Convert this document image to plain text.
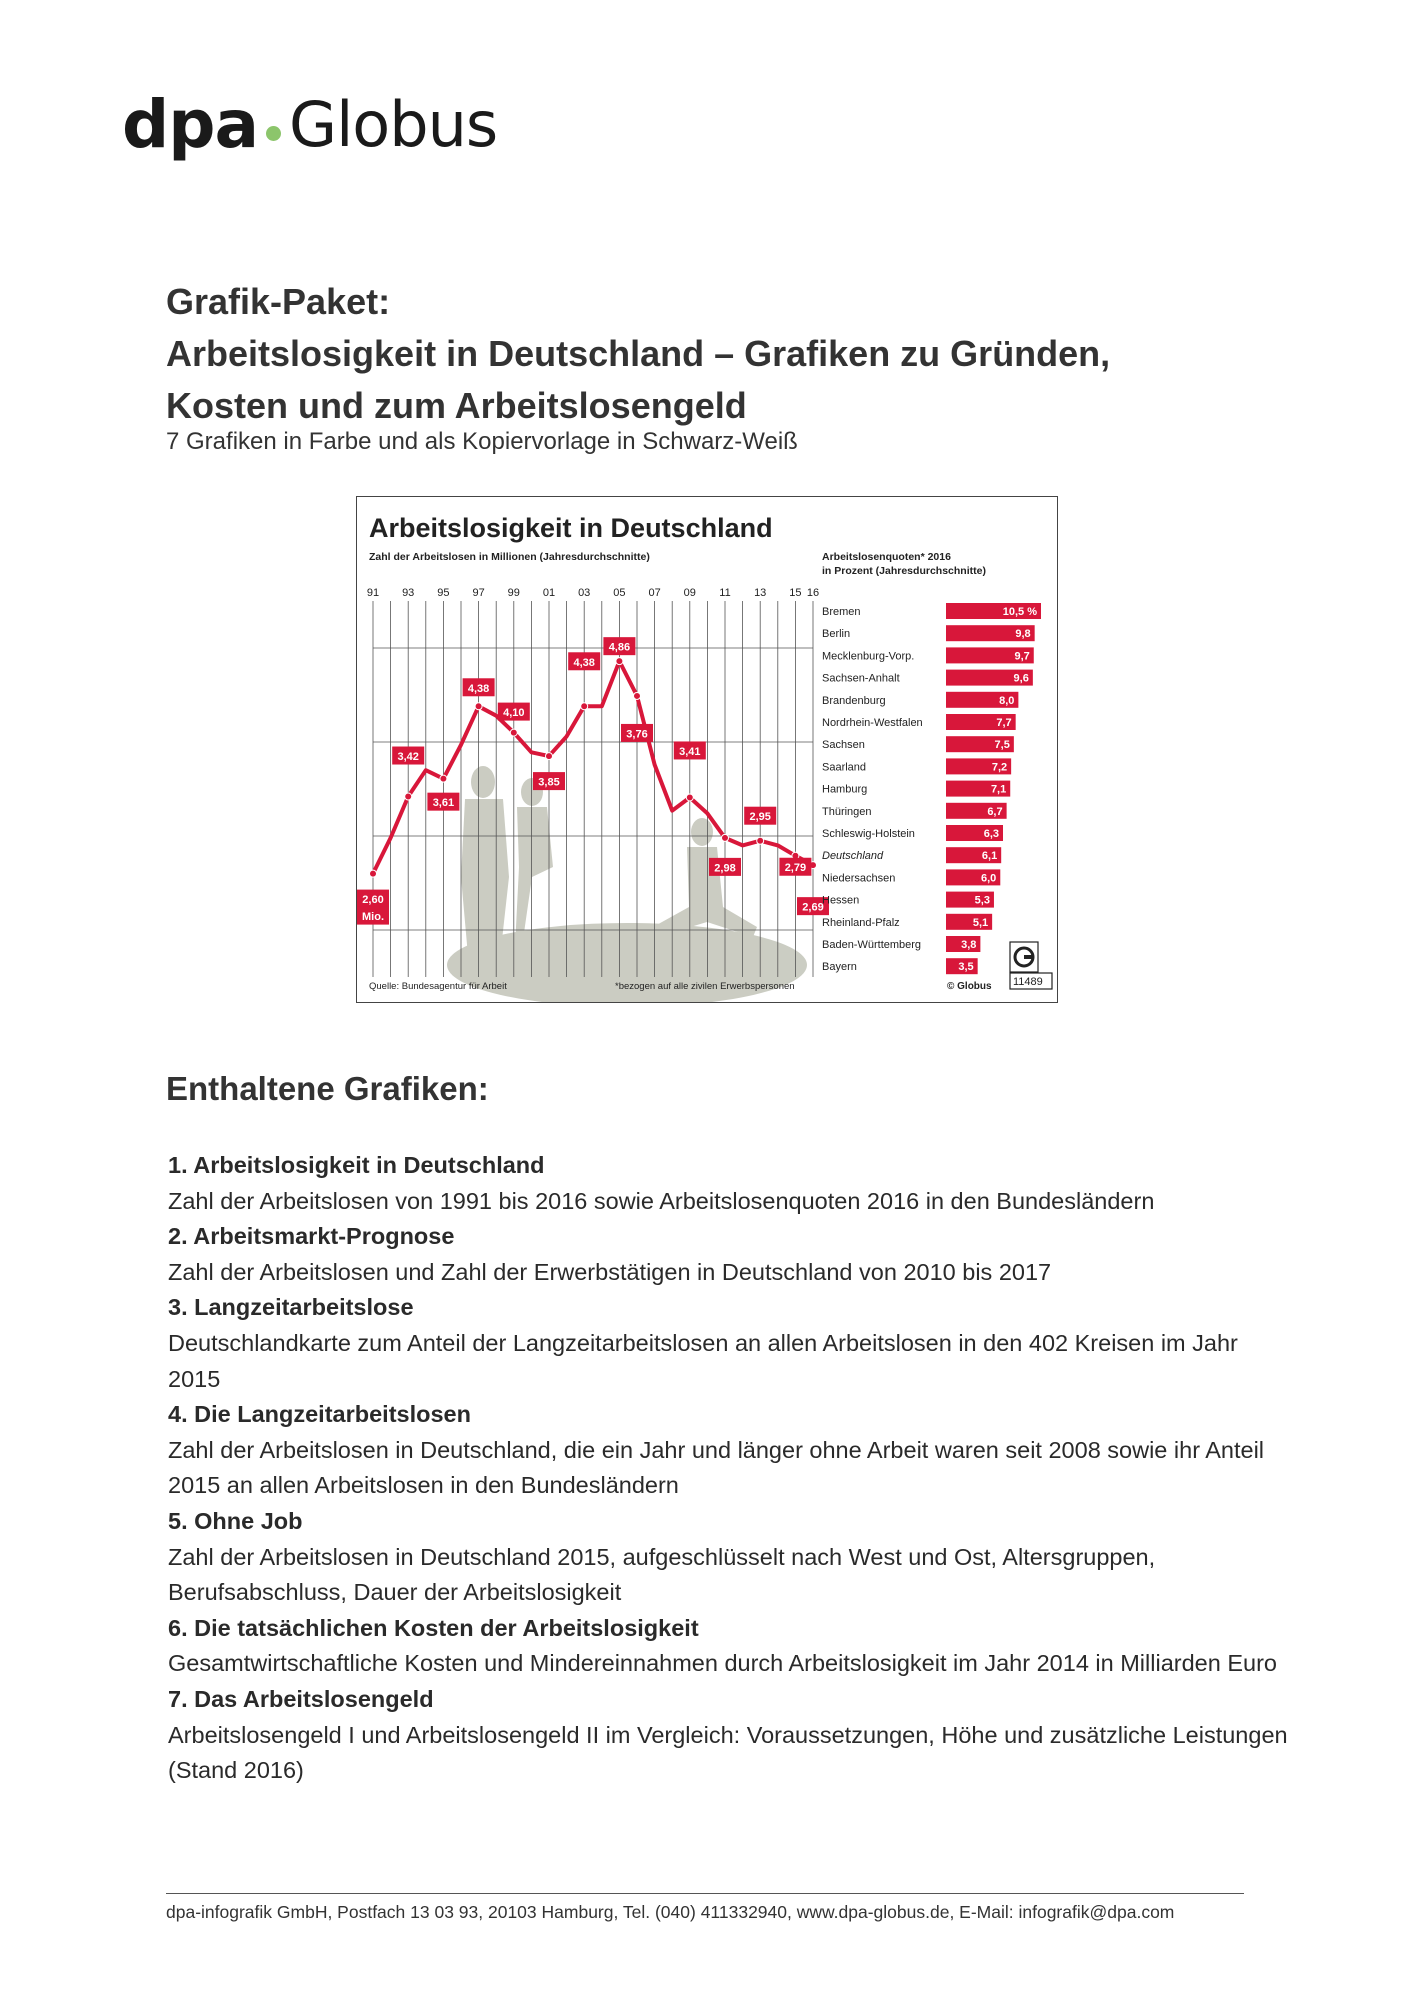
dpa Globus
Grafik-Paket:
Arbeitslosigkeit in Deutschland – Grafiken zu Gründen,
Kosten und zum Arbeitslosengeld
7 Grafiken in Farbe und als Kopiervorlage in Schwarz-Weiß
Arbeitslosigkeit in Deutschland
Zahl der Arbeitslosen in Millionen (Jahresdurchschnitte)	Arbeitslosenquoten* 2016
in Prozent (Jahresdurchschnitte)
91 93 95 97 99 01 03 05 07 09 11 13 15 16
2,60
Mio.
3,42
3,61
4,38
4,10
3,85
4,38
4,86
3,76
3,41
2,98
2,95
2,79
2,69
Bremen	10,5 %
Berlin	9,8
Mecklenburg-Vorp.	9,7
Sachsen-Anhalt	9,6
Brandenburg	8,0
Nordrhein-Westfalen	7,7
Sachsen	7,5
Saarland	7,2
Hamburg	7,1
Thüringen	6,7
Schleswig-Holstein	6,3
Deutschland	6,1
Niedersachsen	6,0
Hessen	5,3
Rheinland-Pfalz	5,1
Baden-Württemberg	3,8
Bayern	3,5
11489
Quelle: Bundesagentur für Arbeit	*bezogen auf alle zivilen Erwerbspersonen	© Globus
Enthaltene Grafiken:
1. Arbeitslosigkeit in Deutschland
Zahl der Arbeitslosen von 1991 bis 2016 sowie Arbeitslosenquoten 2016 in den Bundesländern
2. Arbeitsmarkt-Prognose
Zahl der Arbeitslosen und Zahl der Erwerbstätigen in Deutschland von 2010 bis 2017
3. Langzeitarbeitslose
Deutschlandkarte zum Anteil der Langzeitarbeitslosen an allen Arbeitslosen in den 402 Kreisen im Jahr 2015
4. Die Langzeitarbeitslosen
Zahl der Arbeitslosen in Deutschland, die ein Jahr und länger ohne Arbeit waren seit 2008 sowie ihr Anteil 2015 an allen Arbeitslosen in den Bundesländern
5. Ohne Job
Zahl der Arbeitslosen in Deutschland 2015, aufgeschlüsselt nach West und Ost, Altersgruppen, Berufsabschluss, Dauer der Arbeitslosigkeit
6. Die tatsächlichen Kosten der Arbeitslosigkeit
Gesamtwirtschaftliche Kosten und Mindereinnahmen durch Arbeitslosigkeit im Jahr 2014 in Milliarden Euro
7. Das Arbeitslosengeld
Arbeitslosengeld I und Arbeitslosengeld II im Vergleich: Voraussetzungen, Höhe und zusätzliche Leistungen (Stand 2016)
dpa-infografik GmbH, Postfach 13 03 93, 20103 Hamburg, Tel. (040) 411332940, www.dpa-globus.de, E-Mail: infografik@dpa.com
